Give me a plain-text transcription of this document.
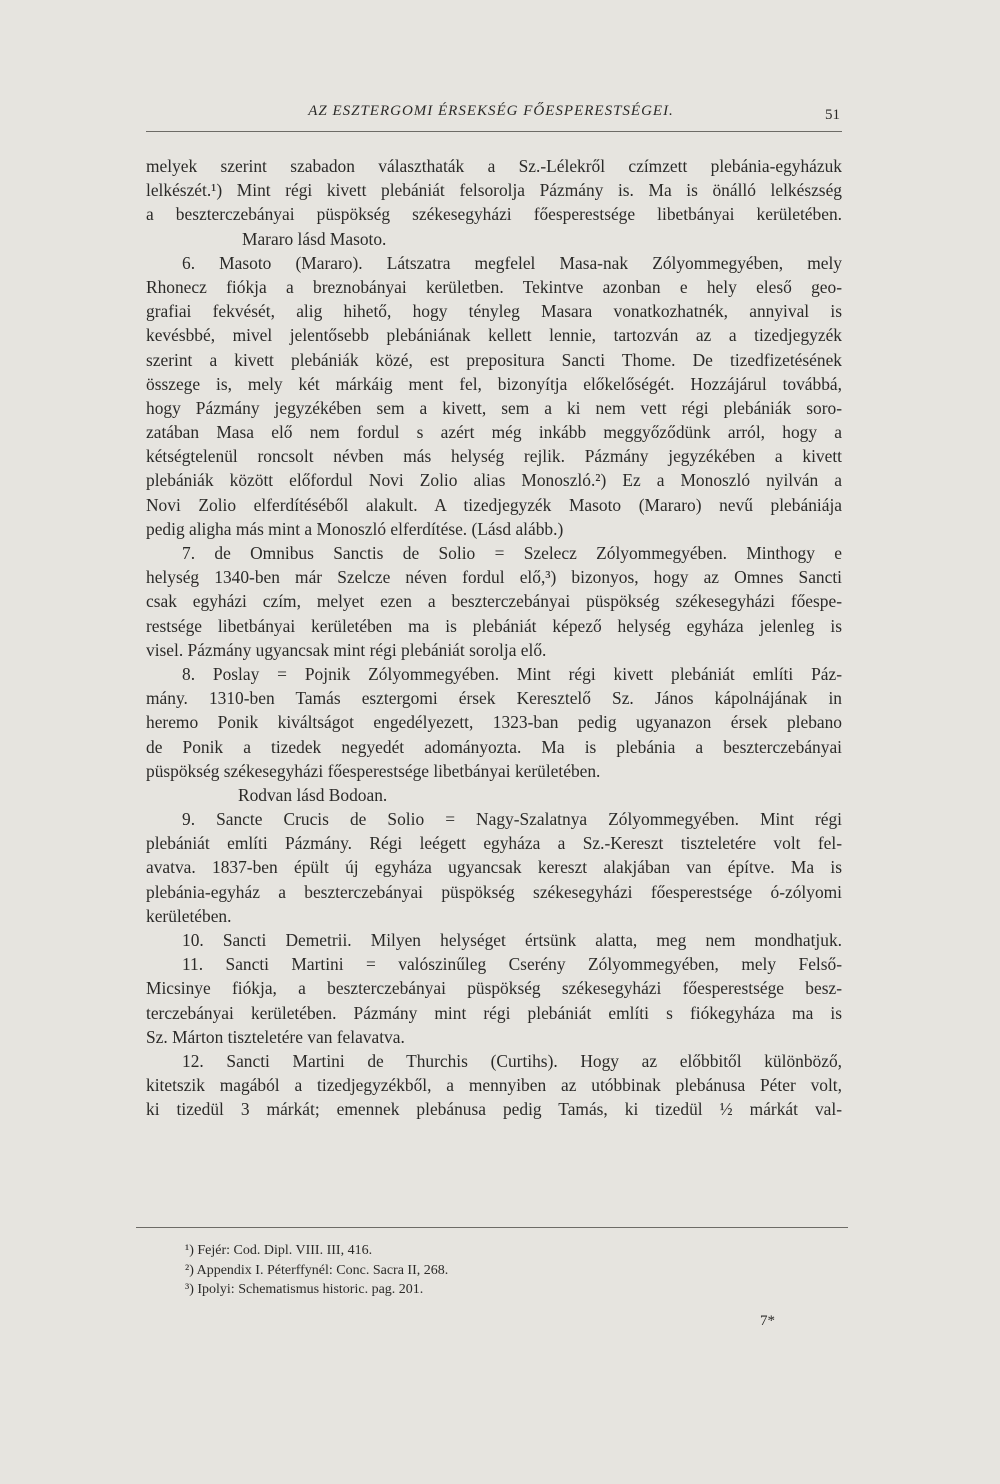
AZ ESZTERGOMI ÉRSEKSÉG FŐESPERESTSÉGEI.	51
melyek szerint szabadon választhaták a Sz.-Lélekről czímzett plebánia-egyházuk
lelkészét.¹) Mint régi kivett plebániát felsorolja Pázmány is. Ma is önálló lelkészség
a beszterczebányai püspökség székesegyházi főesperestsége libetbányai kerületében.
Mararo lásd Masoto.
6. Masoto (Mararo). Látszatra megfelel Masa-nak Zólyommegyében, mely
Rhonecz fiókja a breznobányai kerületben. Tekintve azonban e hely eleső geo-
grafiai fekvését, alig hihető, hogy tényleg Masara vonatkozhatnék, annyival is
kevésbbé, mivel jelentősebb plebániának kellett lennie, tartozván az a tizedjegyzék
szerint a kivett plebániák közé, est prepositura Sancti Thome. De tizedfizetésének
összege is, mely két márkáig ment fel, bizonyítja előkelőségét. Hozzájárul továbbá,
hogy Pázmány jegyzékében sem a kivett, sem a ki nem vett régi plebániák soro-
zatában Masa elő nem fordul s azért még inkább meggyőződünk arról, hogy a
kétségtelenül roncsolt névben más helység rejlik. Pázmány jegyzékében a kivett
plebániák között előfordul Novi Zolio alias Monoszló.²) Ez a Monoszló nyilván a
Novi Zolio elferdítéséből alakult. A tizedjegyzék Masoto (Mararo) nevű plebániája
pedig aligha más mint a Monoszló elferdítése. (Lásd alább.)
7. de Omnibus Sanctis de Solio = Szelecz Zólyommegyében. Minthogy e
helység 1340-ben már Szelcze néven fordul elő,³) bizonyos, hogy az Omnes Sancti
csak egyházi czím, melyet ezen a beszterczebányai püspökség székesegyházi főespe-
restsége libetbányai kerületében ma is plebániát képező helység egyháza jelenleg is
visel. Pázmány ugyancsak mint régi plebániát sorolja elő.
8. Poslay = Pojnik Zólyommegyében. Mint régi kivett plebániát említi Páz-
mány. 1310-ben Tamás esztergomi érsek Keresztelő Sz. János kápolnájának in
heremo Ponik kiváltságot engedélyezett, 1323-ban pedig ugyanazon érsek plebano
de Ponik a tizedek negyedét adományozta. Ma is plebánia a beszterczebányai
püspökség székesegyházi főesperestsége libetbányai kerületében.
Rodvan lásd Bodoan.
9. Sancte Crucis de Solio = Nagy-Szalatnya Zólyommegyében. Mint régi
plebániát említi Pázmány. Régi leégett egyháza a Sz.-Kereszt tiszteletére volt fel-
avatva. 1837-ben épült új egyháza ugyancsak kereszt alakjában van építve. Ma is
plebánia-egyház a beszterczebányai püspökség székesegyházi főesperestsége ó-zólyomi
kerületében.
10. Sancti Demetrii. Milyen helységet értsünk alatta, meg nem mondhatjuk.
11. Sancti Martini = valószinűleg Cserény Zólyommegyében, mely Felső-
Micsinye fiókja, a beszterczebányai püspökség székesegyházi főesperestsége besz-
terczebányai kerületében. Pázmány mint régi plebániát említi s fiókegyháza ma is
Sz. Márton tiszteletére van felavatva.
12. Sancti Martini de Thurchis (Curtihs). Hogy az előbbitől különböző,
kitetszik magából a tizedjegyzékből, a mennyiben az utóbbinak plebánusa Péter volt,
ki tizedül 3 márkát; emennek plebánusa pedig Tamás, ki tizedül ½ márkát val-
¹) Fejér: Cod. Dipl. VIII. III, 416.
²) Appendix I. Péterffynél: Conc. Sacra II, 268.
³) Ipolyi: Schematismus historic. pag. 201.
7*
